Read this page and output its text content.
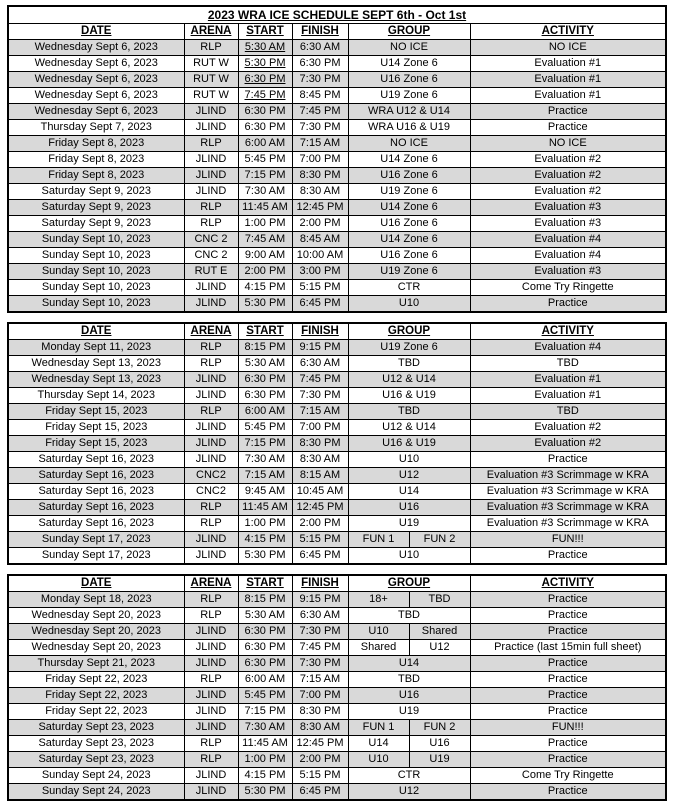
2023 WRA ICE SCHEDULE SEPT 6th - Oct 1st					
DATE	ARENA	START	FINISH	GROUP	ACTIVITY
Wednesday Sept 6, 2023	RLP	5:30 AM	6:30 AM	NO ICE	NO ICE
Wednesday Sept 6, 2023	RUT W	5:30 PM	6:30 PM	U14 Zone 6	Evaluation #1
Wednesday Sept 6, 2023	RUT W	6:30 PM	7:30 PM	U16 Zone 6	Evaluation #1
Wednesday Sept 6, 2023	RUT W	7:45 PM	8:45 PM	U19 Zone 6	Evaluation #1
Wednesday Sept 6, 2023	JLIND	6:30 PM	7:45 PM	WRA U12 & U14	Practice
Thursday Sept 7, 2023	JLIND	6:30 PM	7:30 PM	WRA U16 & U19	Practice
Friday Sept 8, 2023	RLP	6:00 AM	7:15 AM	NO ICE	NO ICE
Friday Sept 8, 2023	JLIND	5:45 PM	7:00 PM	U14 Zone 6	Evaluation #2
Friday Sept 8, 2023	JLIND	7:15 PM	8:30 PM	U16 Zone 6	Evaluation #2
Saturday Sept 9, 2023	JLIND	7:30 AM	8:30 AM	U19 Zone 6	Evaluation #2
Saturday Sept 9, 2023	RLP	11:45 AM	12:45 PM	U14 Zone 6	Evaluation #3
Saturday Sept 9, 2023	RLP	1:00 PM	2:00 PM	U16 Zone 6	Evaluation #3
Sunday Sept 10, 2023	CNC 2	7:45 AM	8:45 AM	U14 Zone 6	Evaluation #4
Sunday Sept 10, 2023	CNC 2	9:00 AM	10:00 AM	U16 Zone 6	Evaluation #4
Sunday Sept 10, 2023	RUT E	2:00 PM	3:00 PM	U19 Zone 6	Evaluation #3
Sunday Sept 10, 2023	JLIND	4:15 PM	5:15 PM	CTR	Come Try Ringette
Sunday Sept 10, 2023	JLIND	5:30 PM	6:45 PM	U10	Practice
DATE	ARENA	START	FINISH	GROUP		ACTIVITY
Monday Sept 11, 2023	RLP	8:15 PM	9:15 PM	U19 Zone 6		Evaluation #4
Wednesday Sept 13, 2023	RLP	5:30 AM	6:30 AM	TBD		TBD
Wednesday Sept 13, 2023	JLIND	6:30 PM	7:45 PM	U12 & U14		Evaluation #1
Thursday Sept 14, 2023	JLIND	6:30 PM	7:30 PM	U16 & U19		Evaluation #1
Friday Sept 15, 2023	RLP	6:00 AM	7:15 AM	TBD		TBD
Friday Sept 15, 2023	JLIND	5:45 PM	7:00 PM	U12 & U14		Evaluation #2
Friday Sept 15, 2023	JLIND	7:15 PM	8:30 PM	U16 & U19		Evaluation #2
Saturday Sept 16, 2023	JLIND	7:30 AM	8:30 AM	U10		Practice
Saturday Sept 16, 2023	CNC2	7:15 AM	8:15 AM	U12		Evaluation #3 Scrimmage w KRA
Saturday Sept 16, 2023	CNC2	9:45 AM	10:45 AM	U14		Evaluation #3 Scrimmage w KRA
Saturday Sept 16, 2023	RLP	11:45 AM	12:45 PM	U16		Evaluation #3 Scrimmage w KRA
Saturday Sept 16, 2023	RLP	1:00 PM	2:00 PM	U19		Evaluation #3 Scrimmage w KRA
Sunday Sept 17, 2023	JLIND	4:15 PM	5:15 PM	FUN 1	FUN 2	FUN!!!
Sunday Sept 17, 2023	JLIND	5:30 PM	6:45 PM	U10		Practice
DATE	ARENA	START	FINISH	GROUP		ACTIVITY
Monday Sept 18, 2023	RLP	8:15 PM	9:15 PM	18+	TBD	Practice
Wednesday Sept 20, 2023	RLP	5:30 AM	6:30 AM	TBD		Practice
Wednesday Sept 20, 2023	JLIND	6:30 PM	7:30 PM	U10	Shared	Practice
Wednesday Sept 20, 2023	JLIND	6:30 PM	7:45 PM	Shared	U12	Practice (last 15min full sheet)
Thursday Sept 21, 2023	JLIND	6:30 PM	7:30 PM	U14		Practice
Friday Sept 22, 2023	RLP	6:00 AM	7:15 AM	TBD		Practice
Friday Sept 22, 2023	JLIND	5:45 PM	7:00 PM	U16		Practice
Friday Sept 22, 2023	JLIND	7:15 PM	8:30 PM	U19		Practice
Saturday Sept 23, 2023	JLIND	7:30 AM	8:30 AM	FUN 1	FUN 2	FUN!!!
Saturday Sept 23, 2023	RLP	11:45 AM	12:45 PM	U14	U16	Practice
Saturday Sept 23, 2023	RLP	1:00 PM	2:00 PM	U10	U19	Practice
Sunday Sept 24, 2023	JLIND	4:15 PM	5:15 PM	CTR		Come Try Ringette
Sunday Sept 24, 2023	JLIND	5:30 PM	6:45 PM	U12		Practice
